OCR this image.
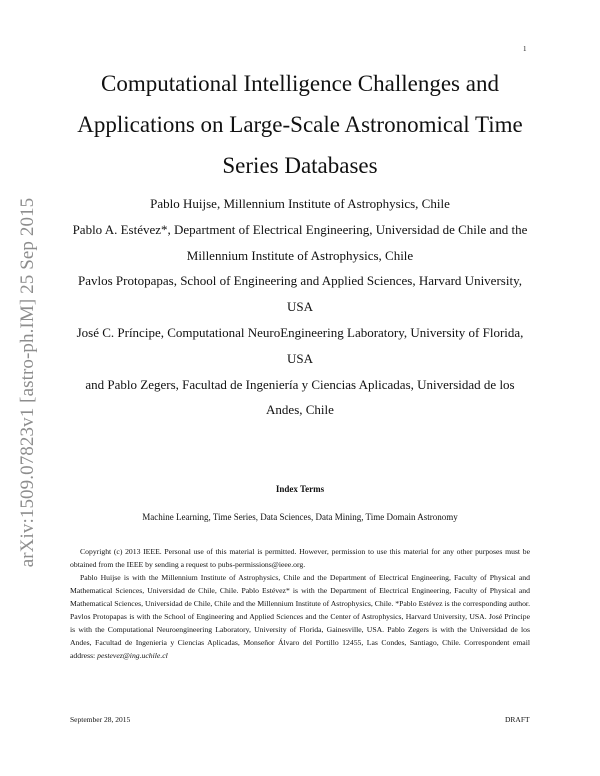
1
arXiv:1509.07823v1 [astro-ph.IM] 25 Sep 2015
Computational Intelligence Challenges and Applications on Large-Scale Astronomical Time Series Databases
Pablo Huijse, Millennium Institute of Astrophysics, Chile
Pablo A. Estévez*, Department of Electrical Engineering, Universidad de Chile and the Millennium Institute of Astrophysics, Chile
Pavlos Protopapas, School of Engineering and Applied Sciences, Harvard University, USA
José C. Príncipe, Computational NeuroEngineering Laboratory, University of Florida, USA
and Pablo Zegers, Facultad de Ingeniería y Ciencias Aplicadas, Universidad de los Andes, Chile
Index Terms
Machine Learning, Time Series, Data Sciences, Data Mining, Time Domain Astronomy

Copyright (c) 2013 IEEE. Personal use of this material is permitted. However, permission to use this material for any other purposes must be obtained from the IEEE by sending a request to pubs-permissions@ieee.org.

Pablo Huijse is with the Millennium Institute of Astrophysics, Chile and the Department of Electrical Engineering, Faculty of Physical and Mathematical Sciences, Universidad de Chile, Chile. Pablo Estévez* is with the Department of Electrical Engineering, Faculty of Physical and Mathematical Sciences, Universidad de Chile, Chile and the Millennium Institute of Astrophysics, Chile. *Pablo Estévez is the corresponding author. Pavlos Protopapas is with the School of Engineering and Applied Sciences and the Center of Astrophysics, Harvard University, USA. José Príncipe is with the Computational Neuroengineering Laboratory, University of Florida, Gainesville, USA. Pablo Zegers is with the Universidad de los Andes, Facultad de Ingenieria y Ciencias Aplicadas, Monseñor Álvaro del Portillo 12455, Las Condes, Santiago, Chile. Correspondent email address: pestevez@ing.uchile.cl

September 28, 2015	DRAFT
